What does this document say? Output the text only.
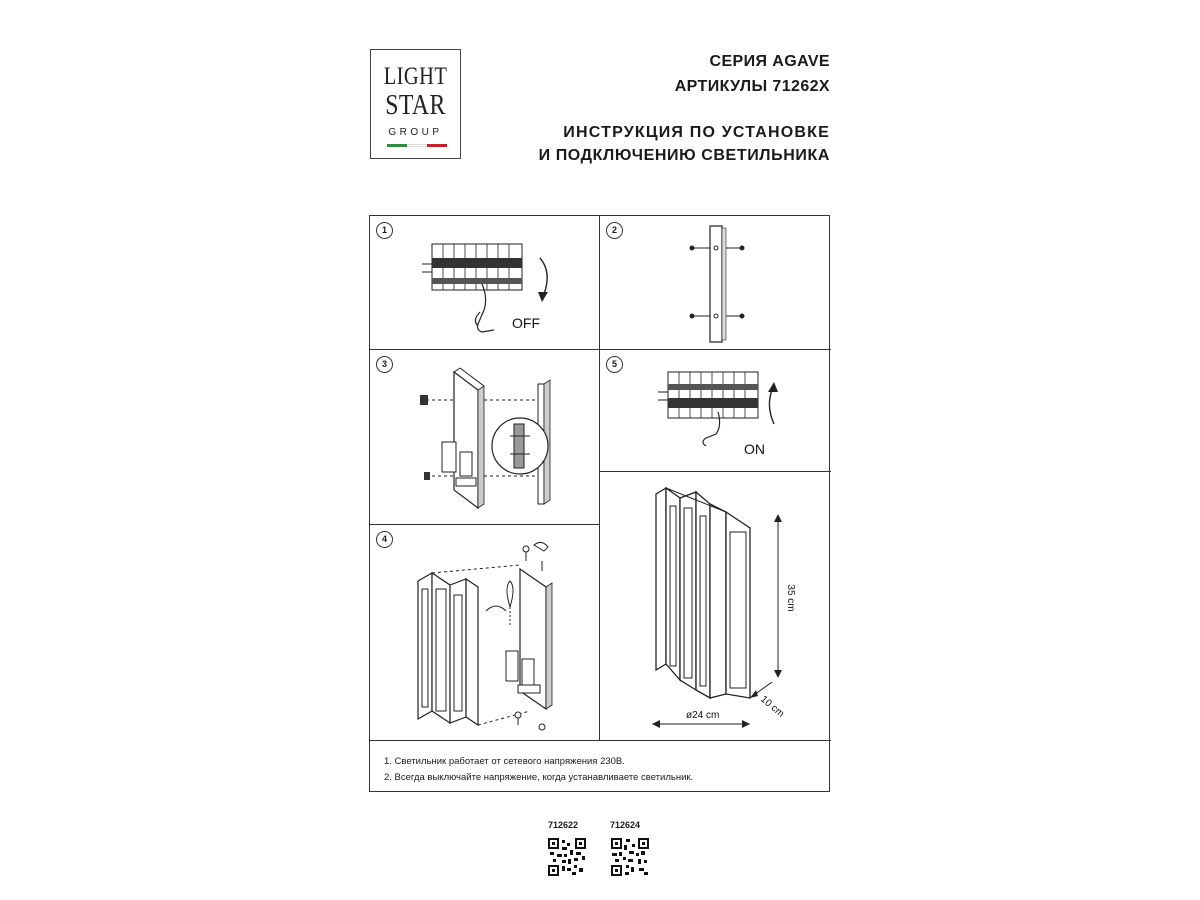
LIGHT
STAR
GROUP
СЕРИЯ AGAVE
АРТИКУЛЫ 71262X
ИНСТРУКЦИЯ ПО УСТАНОВКЕ
И ПОДКЛЮЧЕНИЮ СВЕТИЛЬНИКА
1
OFF
2
3	5
ON
4
35 cm
10 cm
ø24 cm
1. Светильник работает от сетевого напряжения 230В.
2. Всегда выключайте напряжение, когда устанавливаете светильник.
712622	712624
